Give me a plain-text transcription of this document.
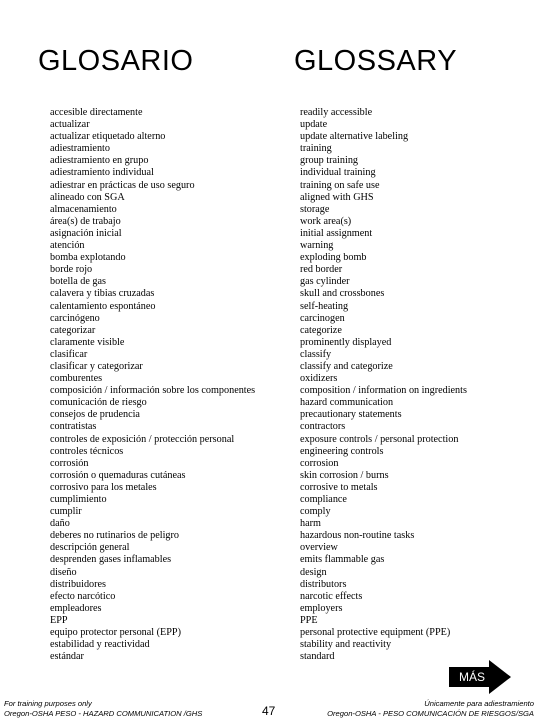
GLOSARIO	GLOSSARY
accesible directamente
actualizar
actualizar etiquetado alterno
adiestramiento
adiestramiento en grupo
adiestramiento individual
adiestrar en prácticas de uso seguro
alineado con SGA
almacenamiento
área(s) de trabajo
asignación inicial
atención
bomba explotando
borde rojo
botella de gas
calavera y tibias cruzadas
calentamiento espontáneo
carcinógeno
categorizar
claramente visible
clasificar
clasificar y categorizar
comburentes
composición / información sobre los componentes
comunicación de riesgo
consejos de prudencia
contratistas
controles de exposición / protección personal
controles técnicos
corrosión
corrosión o quemaduras cutáneas
corrosivo para los metales
cumplimiento
cumplir
daño
deberes no rutinarios de peligro
descripción general
desprenden gases inflamables
diseño
distribuidores
efecto narcótico
empleadores
EPP
equipo protector personal (EPP)
estabilidad y reactividad
estándar
readily accessible
update
update alternative labeling
training
group training
individual training
training on safe use
aligned with GHS
storage
work area(s)
initial assignment
warning
exploding bomb
red border
gas cylinder
skull and crossbones
self-heating
carcinogen
categorize
prominently displayed
classify
classify and categorize
oxidizers
composition / information on ingredients
hazard communication
precautionary statements
contractors
exposure controls / personal protection
engineering controls
corrosion
skin corrosion / burns
corrosive to metals
compliance
comply
harm
hazardous non-routine tasks
overview
emits flammable gas
design
distributors
narcotic effects
employers
PPE
personal protective equipment (PPE)
stability and reactivity
standard
MÁS
For training purposes only
Oregon-OSHA PESO - HAZARD COMMUNICATION /GHS	47
Únicamente para adiestramiento
Oregon-OSHA - PESO COMUNICACIÓN DE RIESGOS/SGA
